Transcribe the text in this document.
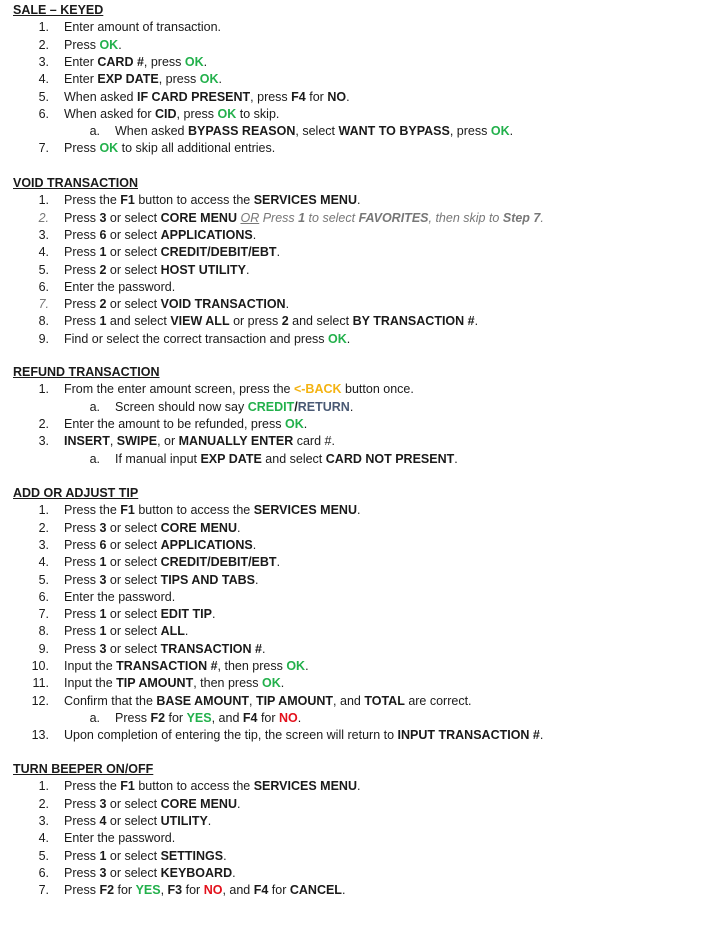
SALE – KEYED
1. Enter amount of transaction.
2. Press OK.
3. Enter CARD #, press OK.
4. Enter EXP DATE, press OK.
5. When asked IF CARD PRESENT, press F4 for NO.
6. When asked for CID, press OK to skip.
a. When asked BYPASS REASON, select WANT TO BYPASS, press OK.
7. Press OK to skip all additional entries.
VOID TRANSACTION
1. Press the F1 button to access the SERVICES MENU.
2. Press 3 or select CORE MENU OR Press 1 to select FAVORITES, then skip to Step 7.
3. Press 6 or select APPLICATIONS.
4. Press 1 or select CREDIT/DEBIT/EBT.
5. Press 2 or select HOST UTILITY.
6. Enter the password.
7. Press 2 or select VOID TRANSACTION.
8. Press 1 and select VIEW ALL or press 2 and select BY TRANSACTION #.
9. Find or select the correct transaction and press OK.
REFUND TRANSACTION
1. From the enter amount screen, press the <-BACK button once.
a. Screen should now say CREDIT/RETURN.
2. Enter the amount to be refunded, press OK.
3. INSERT, SWIPE, or MANUALLY ENTER card #.
a. If manual input EXP DATE and select CARD NOT PRESENT.
ADD OR ADJUST TIP
1. Press the F1 button to access the SERVICES MENU.
2. Press 3 or select CORE MENU.
3. Press 6 or select APPLICATIONS.
4. Press 1 or select CREDIT/DEBIT/EBT.
5. Press 3 or select TIPS AND TABS.
6. Enter the password.
7. Press 1 or select EDIT TIP.
8. Press 1 or select ALL.
9. Press 3 or select TRANSACTION #.
10. Input the TRANSACTION #, then press OK.
11. Input the TIP AMOUNT, then press OK.
12. Confirm that the BASE AMOUNT, TIP AMOUNT, and TOTAL are correct.
a. Press F2 for YES, and F4 for NO.
13. Upon completion of entering the tip, the screen will return to INPUT TRANSACTION #.
TURN BEEPER ON/OFF
1. Press the F1 button to access the SERVICES MENU.
2. Press 3 or select CORE MENU.
3. Press 4 or select UTILITY.
4. Enter the password.
5. Press 1 or select SETTINGS.
6. Press 3 or select KEYBOARD.
7. Press F2 for YES, F3 for NO, and F4 for CANCEL.
